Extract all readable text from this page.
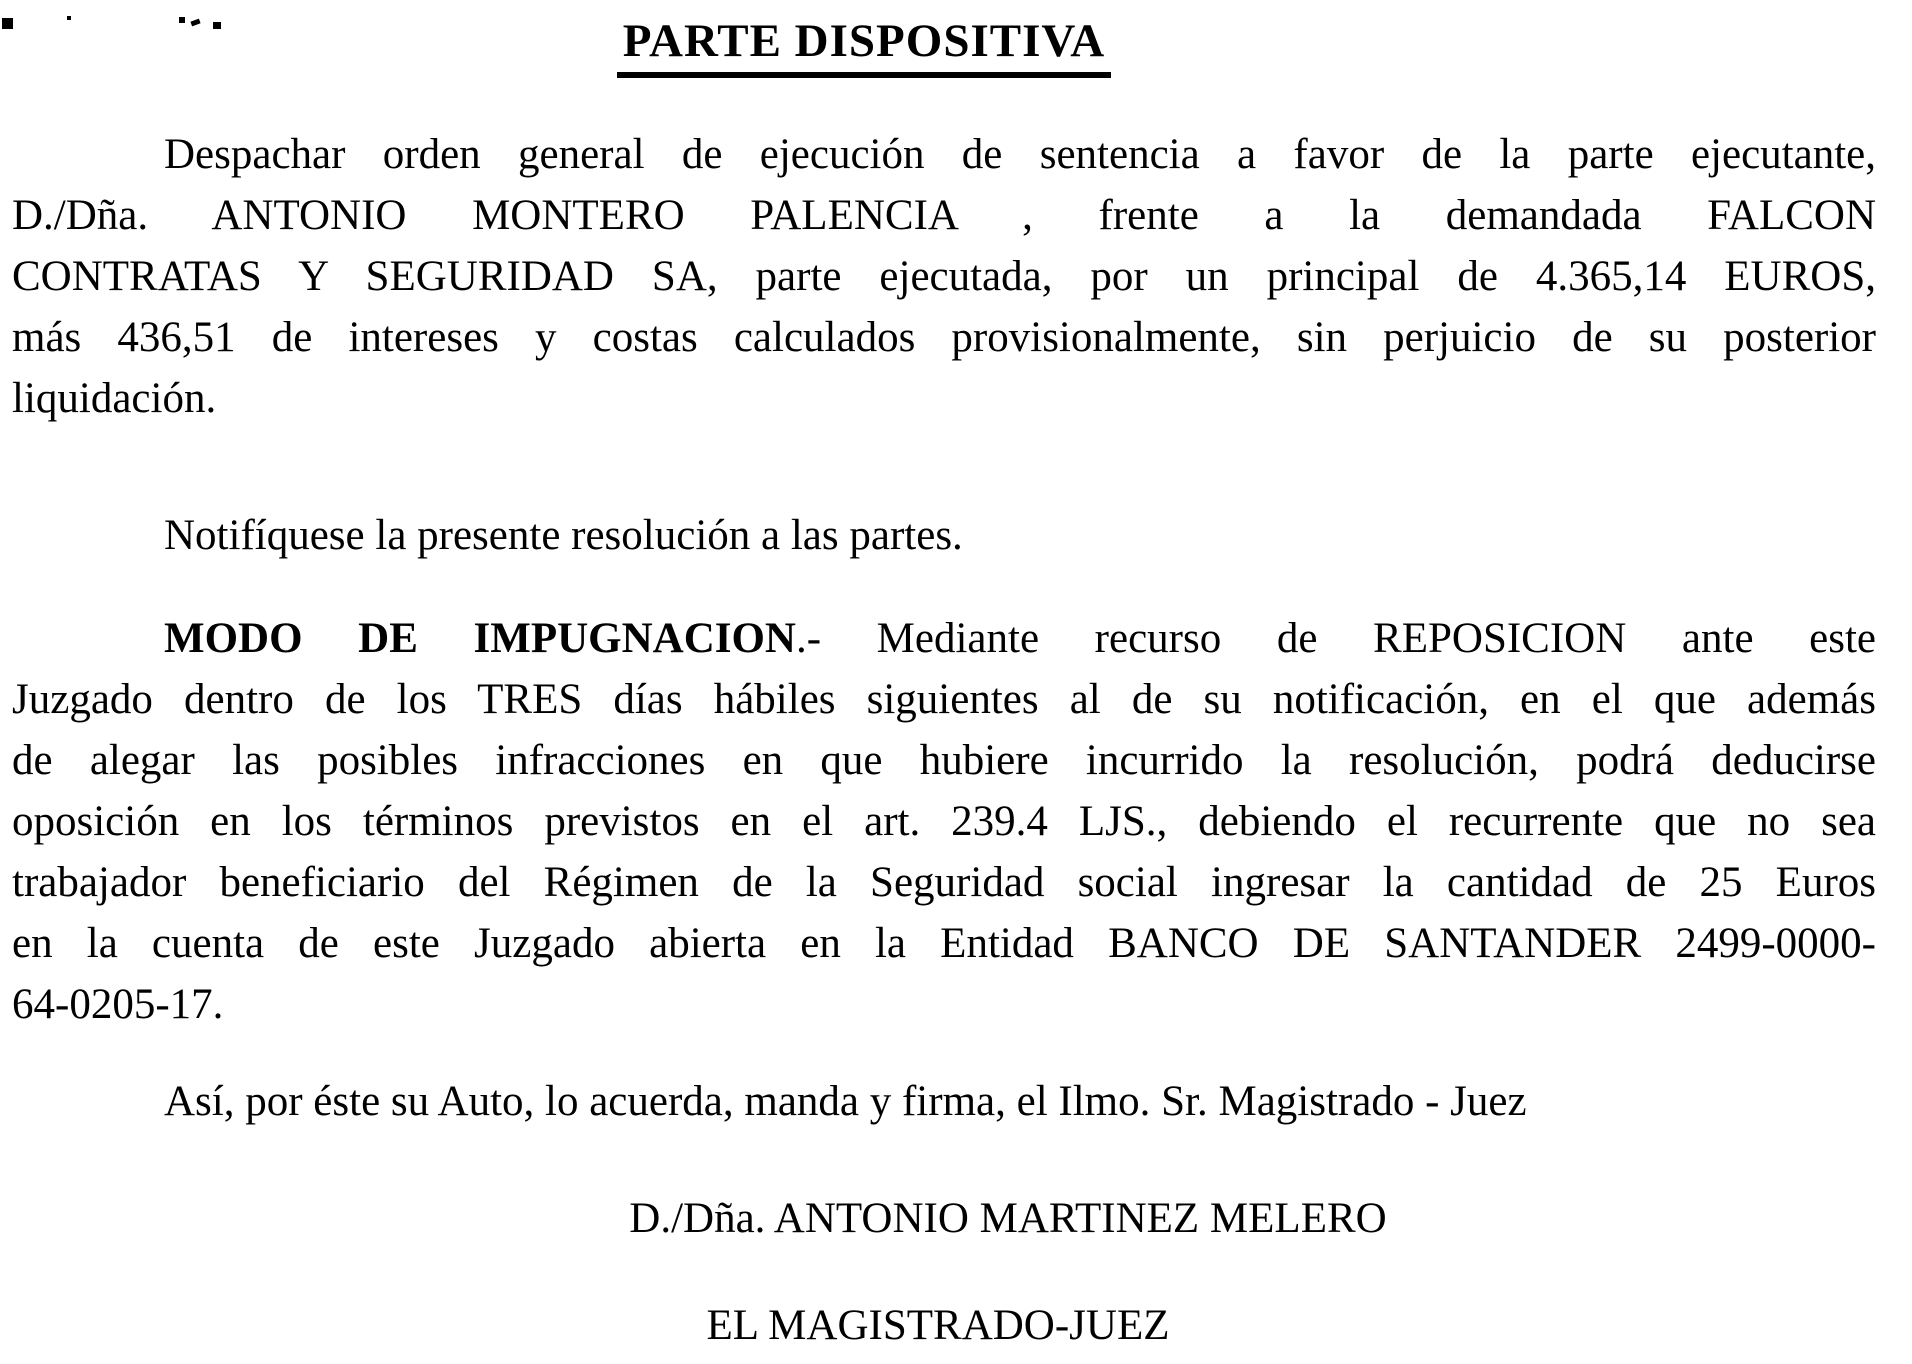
PARTE DISPOSITIVA
Despachar orden general de ejecución de sentencia a favor de la parte ejecutante,
D./Dña. ANTONIO MONTERO PALENCIA , frente a la demandada FALCON
CONTRATAS Y SEGURIDAD SA, parte ejecutada, por un principal de 4.365,14 EUROS,
más 436,51 de intereses y costas calculados provisionalmente, sin perjuicio de su posterior
liquidación.
Notifíquese la presente resolución a las partes.
MODO DE IMPUGNACION.- Mediante recurso de REPOSICION ante este
Juzgado dentro de los TRES días hábiles siguientes al de su notificación, en el que además
de alegar las posibles infracciones en que hubiere incurrido la resolución, podrá deducirse
oposición en los términos previstos en el art. 239.4 LJS., debiendo el recurrente que no sea
trabajador beneficiario del Régimen de la Seguridad social ingresar la cantidad de 25 Euros
en la cuenta de este Juzgado abierta en la Entidad BANCO DE SANTANDER 2499-0000-
64-0205-17.
Así, por éste su Auto, lo acuerda, manda y firma, el Ilmo. Sr. Magistrado - Juez
D./Dña. ANTONIO MARTINEZ MELERO
EL MAGISTRADO-JUEZ
